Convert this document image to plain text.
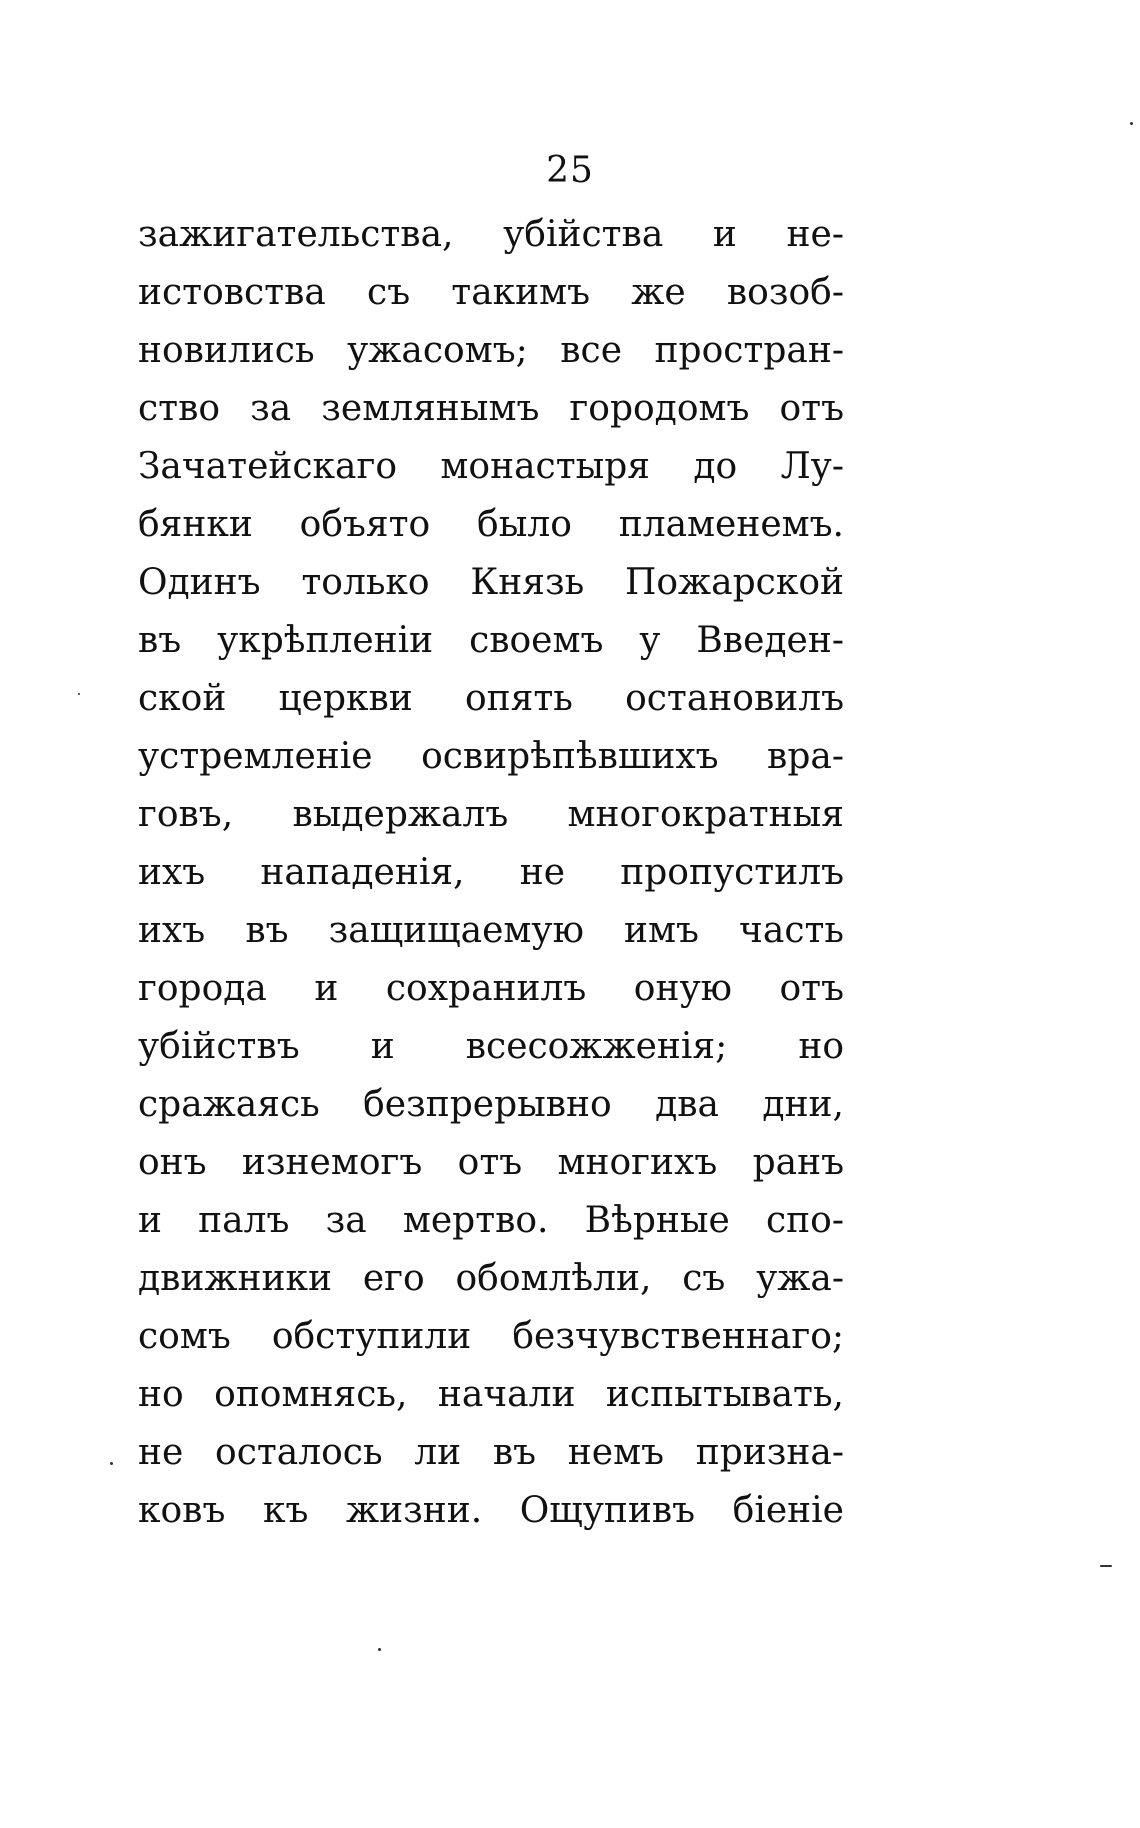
25
зажигательства, убійства и не-
истовства съ такимъ же возоб-
новились ужасомъ; все простран-
ство за землянымъ городомъ отъ
Зачатейскаго монастыря до Лу-
бянки объято было пламенемъ.
Одинъ только Князь Пожарской
въ укрѣпленіи своемъ у Введен-
ской церкви опять остановилъ
устремленіе освирѣпѣвшихъ вра-
говъ, выдержалъ многократныя
ихъ нападенія, не пропустилъ
ихъ въ защищаемую имъ часть
города и сохранилъ оную отъ
убійствъ и всесожженія; но
сражаясь безпрерывно два дни,
онъ изнемогъ отъ многихъ ранъ
и палъ за мертво. Вѣрные спо-
движники его обомлѣли, съ ужа-
сомъ обступили безчувственнаго;
но опомнясь, начали испытывать,
не осталось ли въ немъ призна-
ковъ къ жизни. Ощупивъ біеніе
